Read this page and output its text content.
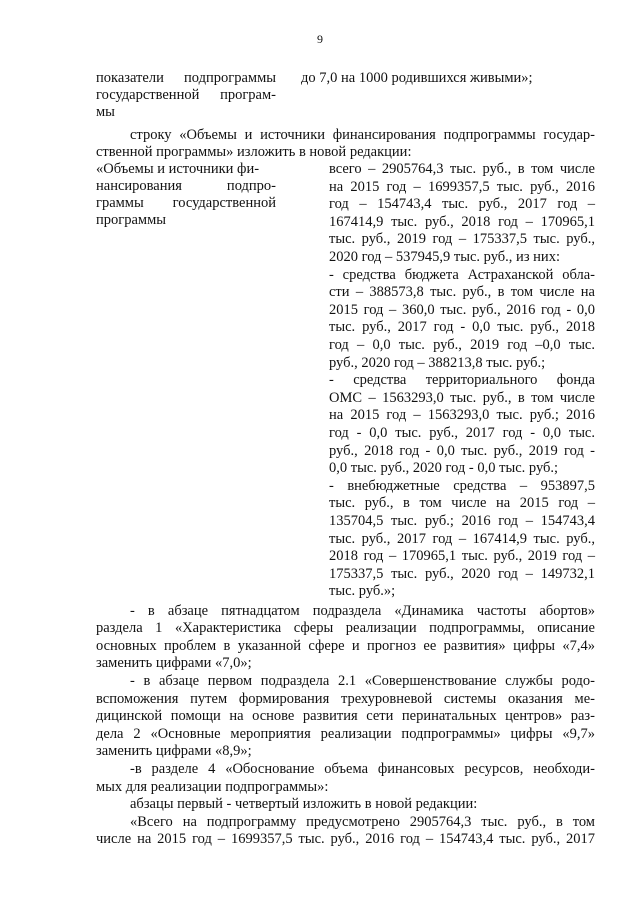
9
показатели подпрограммы
государственной програм-
мы
до 7,0 на 1000 родившихся живыми»;
строку «Объемы и источники финансирования подпрограммы государ-
ственной программы» изложить в новой редакции:
«Объемы и источники фи-
нансирования подпро-
граммы государственной
программы
всего – 2905764,3 тыс. руб., в том числе
на 2015 год – 1699357,5 тыс. руб., 2016
год – 154743,4 тыс. руб., 2017 год –
167414,9 тыс. руб., 2018 год – 170965,1
тыс. руб., 2019 год – 175337,5 тыс. руб.,
2020 год – 537945,9 тыс. руб., из них:
- средства бюджета Астраханской обла-
сти – 388573,8 тыс. руб., в том числе на
2015 год – 360,0 тыс. руб., 2016 год - 0,0
тыс. руб., 2017 год - 0,0 тыс. руб., 2018
год – 0,0 тыс. руб., 2019 год –0,0 тыс.
руб., 2020 год – 388213,8 тыс. руб.;
- средства территориального фонда
ОМС – 1563293,0 тыс. руб., в том числе
на 2015 год – 1563293,0 тыс. руб.; 2016
год - 0,0 тыс. руб., 2017 год - 0,0 тыс.
руб., 2018 год - 0,0 тыс. руб., 2019 год -
0,0 тыс. руб., 2020 год - 0,0 тыс. руб.;
- внебюджетные средства – 953897,5
тыс. руб., в том числе на 2015 год –
135704,5 тыс. руб.; 2016 год – 154743,4
тыс. руб., 2017 год – 167414,9 тыс. руб.,
2018 год – 170965,1 тыс. руб., 2019 год –
175337,5 тыс. руб., 2020 год – 149732,1
тыс. руб.»;
- в абзаце пятнадцатом подраздела «Динамика частоты абортов»
раздела 1 «Характеристика сферы реализации подпрограммы, описание
основных проблем в указанной сфере и прогноз ее развития» цифры «7,4»
заменить цифрами «7,0»;
- в абзаце первом подраздела 2.1 «Совершенствование службы родо-
вспоможения путем формирования трехуровневой системы оказания ме-
дицинской помощи на основе развития сети перинатальных центров» раз-
дела 2 «Основные мероприятия реализации подпрограммы» цифры «9,7»
заменить цифрами «8,9»;
-в разделе 4 «Обоснование объема финансовых ресурсов, необходи-
мых для реализации подпрограммы»:
абзацы первый - четвертый изложить в новой редакции:
«Всего на подпрограмму предусмотрено 2905764,3 тыс. руб., в том
числе на 2015 год – 1699357,5 тыс. руб., 2016 год – 154743,4 тыс. руб., 2017
